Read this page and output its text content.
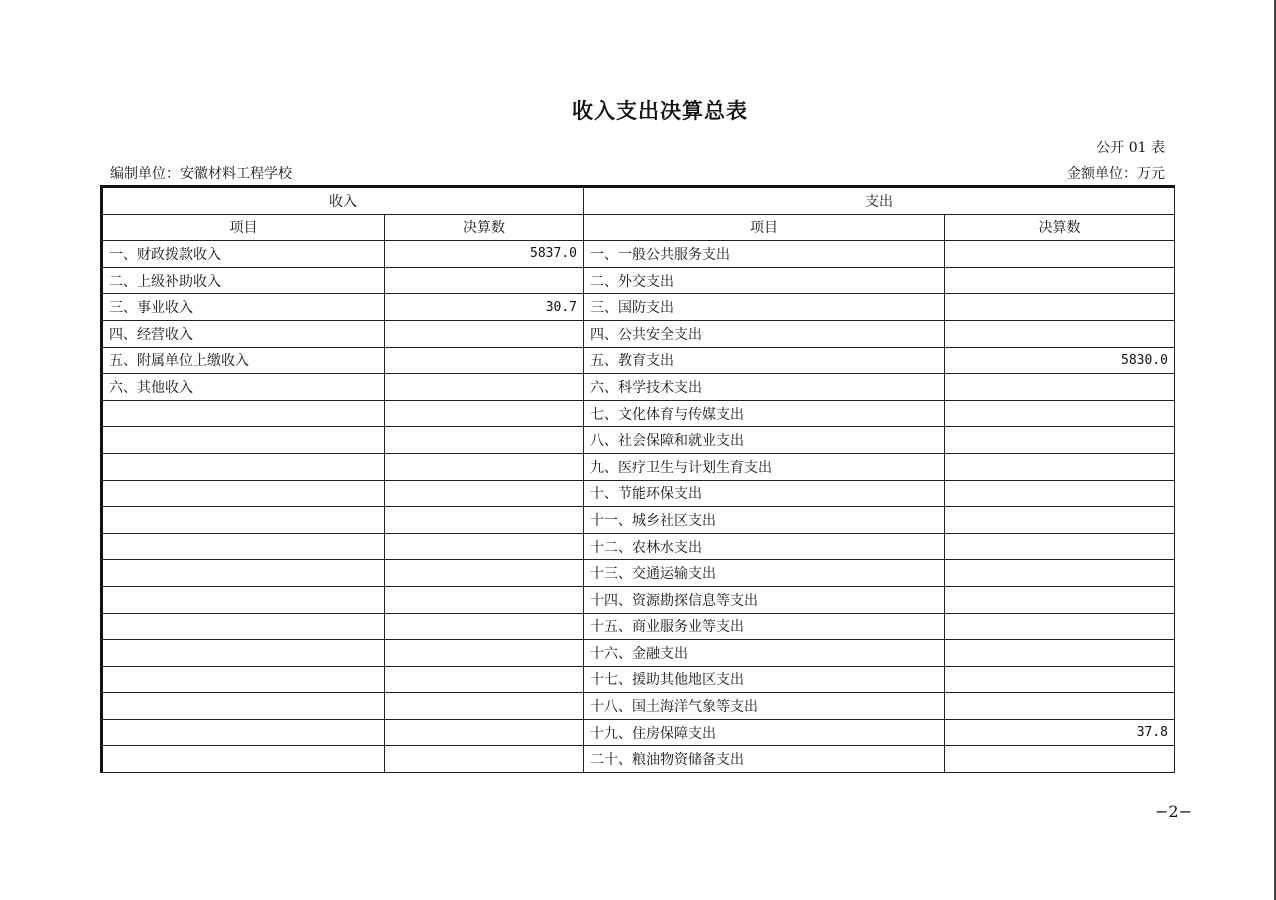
收入支出决算总表
公开 01 表
编制单位：安徽材料工程学校	金额单位：万元
收入		支出	
项目	决算数	项目	决算数
一、财政拨款收入	5837.0	一、一般公共服务支出	
二、上级补助收入		二、外交支出	
三、事业收入	30.7	三、国防支出	
四、经营收入		四、公共安全支出	
五、附属单位上缴收入		五、教育支出	5830.0
六、其他收入		六、科学技术支出	
		七、文化体育与传媒支出	
		八、社会保障和就业支出	
		九、医疗卫生与计划生育支出	
		十、节能环保支出	
		十一、城乡社区支出	
		十二、农林水支出	
		十三、交通运输支出	
		十四、资源勘探信息等支出	
		十五、商业服务业等支出	
		十六、金融支出	
		十七、援助其他地区支出	
		十八、国土海洋气象等支出	
		十九、住房保障支出	37.8
		二十、粮油物资储备支出	
−2−
